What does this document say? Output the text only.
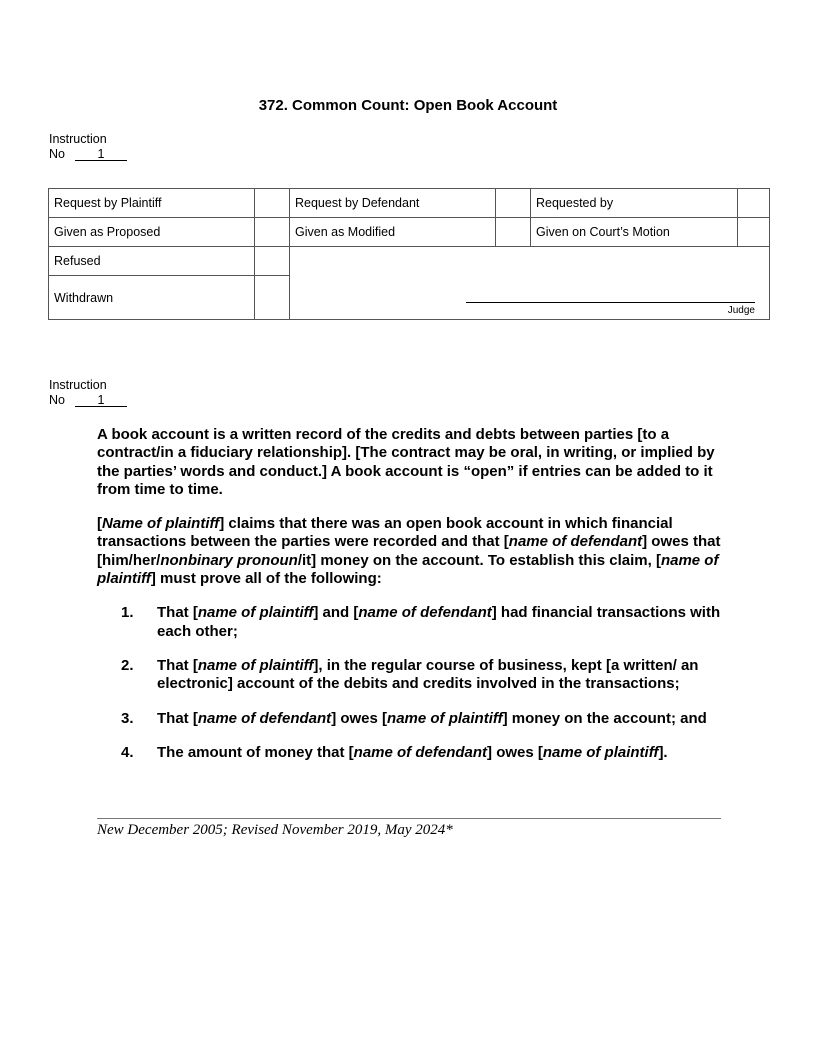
372. Common Count: Open Book Account
Instruction
No	1
Request by Plaintiff		Request by Defendant		Requested by	
Given as Proposed		Given as Modified		Given on Court’s Motion	
Refused		Judge			

Withdrawn					
Instruction
No	1

A book account is a written record of the credits and debts between parties [to a contract/in a fiduciary relationship]. [The contract may be oral, in writing, or implied by the parties’ words and conduct.] A book account is “open” if entries can be added to it from time to time.

[Name of plaintiff] claims that there was an open book account in which financial transactions between the parties were recorded and that [name of defendant] owes that [him/her/nonbinary pronoun/it] money on the account. To establish this claim, [name of plaintiff] must prove all of the following:

1. That [name of plaintiff] and [name of defendant] had financial transactions with each other;
2. That [name of plaintiff], in the regular course of business, kept [a written/ an electronic] account of the debits and credits involved in the transactions;
3. That [name of defendant] owes [name of plaintiff] money on the account; and
4. The amount of money that [name of defendant] owes [name of plaintiff].
New December 2005; Revised November 2019, May 2024*
